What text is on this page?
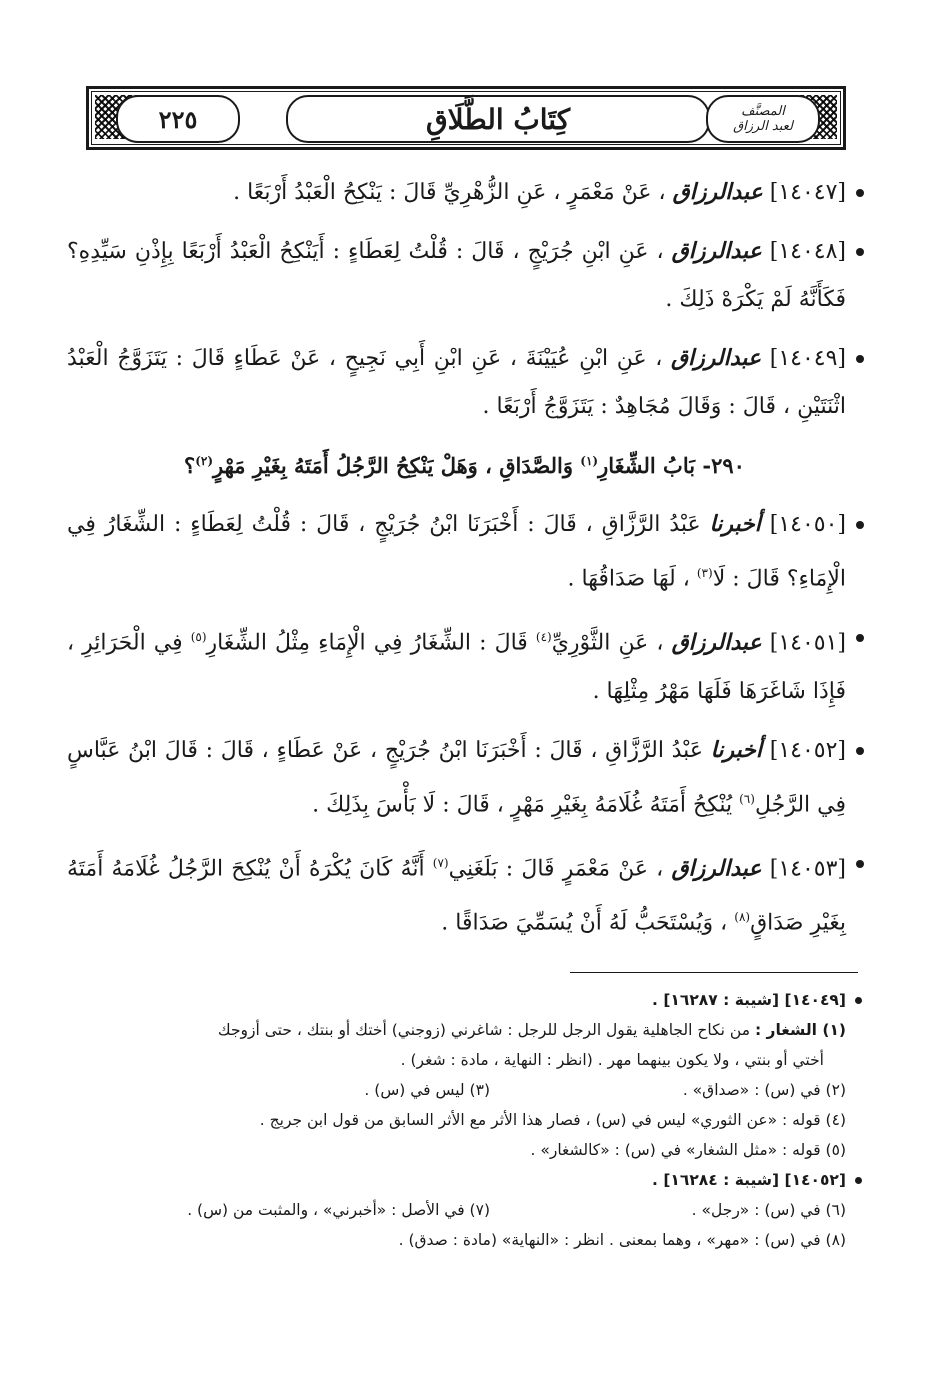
٢٢٥	كِتَابُ الطَّلَاقِ	المصنَّف
لعبد الرزاق

[١٤٠٤٧] عبدالرزاق ، عَنْ مَعْمَرٍ ، عَنِ الزُّهْرِيِّ قَالَ : يَنْكِحُ الْعَبْدُ أَرْبَعًا .

[١٤٠٤٨] عبدالرزاق ، عَنِ ابْنِ جُرَيْجٍ ، قَالَ : قُلْتُ لِعَطَاءٍ : أَيَنْكِحُ الْعَبْدُ أَرْبَعًا بِإِذْنِ سَيِّدِهِ؟ فَكَأَنَّهُ لَمْ يَكْرَهْ ذَلِكَ .

[١٤٠٤٩] عبدالرزاق ، عَنِ ابْنِ عُيَيْنَةَ ، عَنِ ابْنِ أَبِي نَجِيحٍ ، عَنْ عَطَاءٍ قَالَ : يَتَزَوَّجُ الْعَبْدُ اثْنَتَيْنِ ، قَالَ : وَقَالَ مُجَاهِدٌ : يَتَزَوَّجُ أَرْبَعًا .

٢٩٠- بَابُ الشِّغَارِ$^{(١)}$ وَالصَّدَاقِ ، وَهَلْ يَنْكِحُ الرَّجُلُ أَمَتَهُ بِغَيْرِ مَهْرٍ$^{(٢)}$؟

[١٤٠٥٠] أخبرنا عَبْدُ الرَّزَّاقِ ، قَالَ : أَخْبَرَنَا ابْنُ جُرَيْجٍ ، قَالَ : قُلْتُ لِعَطَاءٍ : الشِّغَارُ فِي الْإِمَاءِ؟ قَالَ : لَا$^{(٣)}$ ، لَهَا صَدَاقُهَا .

[١٤٠٥١] عبدالرزاق ، عَنِ الثَّوْرِيِّ$^{(٤)}$ قَالَ : الشِّغَارُ فِي الْإِمَاءِ مِثْلُ الشِّغَارِ$^{(٥)}$ فِي الْحَرَائِرِ ، فَإِذَا شَاغَرَهَا فَلَهَا مَهْرُ مِثْلِهَا .

[١٤٠٥٢] أخبرنا عَبْدُ الرَّزَّاقِ ، قَالَ : أَخْبَرَنَا ابْنُ جُرَيْجٍ ، عَنْ عَطَاءٍ ، قَالَ : قَالَ ابْنُ عَبَّاسٍ فِي الرَّجُلِ$^{(٦)}$ يُنْكِحُ أَمَتَهُ غُلَامَهُ بِغَيْرِ مَهْرٍ ، قَالَ : لَا بَأْسَ بِذَلِكَ .

[١٤٠٥٣] عبدالرزاق ، عَنْ مَعْمَرٍ قَالَ : بَلَغَنِي$^{(٧)}$ أَنَّهُ كَانَ يُكْرَهُ أَنْ يُنْكِحَ الرَّجُلُ غُلَامَهُ أَمَتَهُ بِغَيْرِ صَدَاقٍ$^{(٨)}$ ، وَيُسْتَحَبُّ لَهُ أَنْ يُسَمِّيَ صَدَاقًا .

[١٤٠٤٩] [شيبة : ١٦٢٨٧] .
(١) الشغار : من نكاح الجاهلية يقول الرجل للرجل : شاغرني (زوجني) أختك أو بنتك ، حتى أزوجك
أختي أو بنتي ، ولا يكون بينهما مهر . (انظر : النهاية ، مادة : شغر) .
(٢) في (س) : «صداق» .
(٣) ليس في (س) .
(٤) قوله : «عن الثوري» ليس في (س) ، فصار هذا الأثر مع الأثر السابق من قول ابن جريج .
(٥) قوله : «مثل الشغار» في (س) : «كالشغار» .
[١٤٠٥٢] [شيبة : ١٦٢٨٤] .
(٦) في (س) : «رجل» .
(٧) في الأصل : «أخبرني» ، والمثبت من (س) .
(٨) في (س) : «مهر» ، وهما بمعنى . انظر : «النهاية» (مادة : صدق) .
